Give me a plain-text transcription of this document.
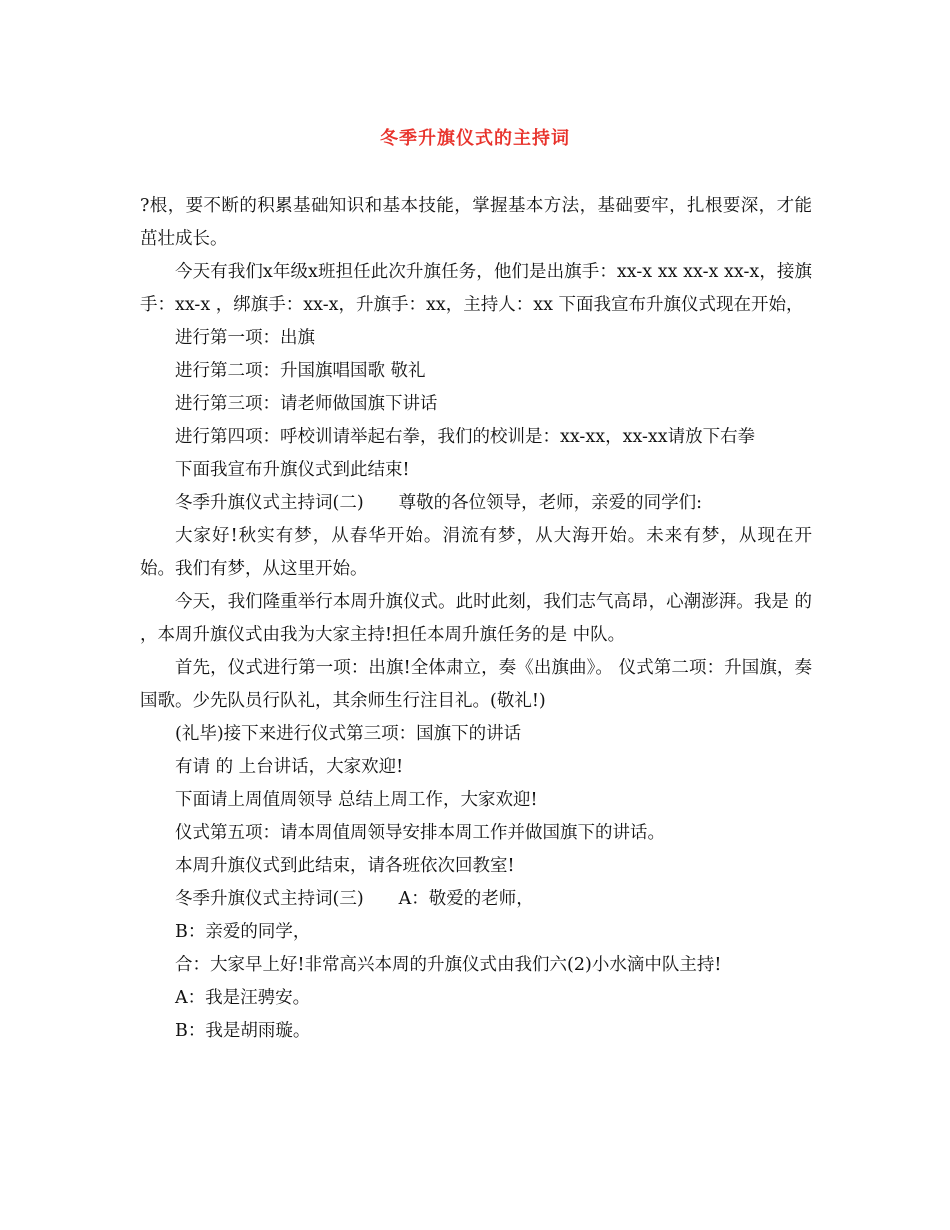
冬季升旗仪式的主持词

?根，要不断的积累基础知识和基本技能，掌握基本方法，基础要牢，扎根要深，才能茁壮成长。

今天有我们x年级x班担任此次升旗任务，他们是出旗手：xx-x xx xx-x xx-x，接旗手：xx-x ，绑旗手：xx-x，升旗手：xx，主持人：xx 下面我宣布升旗仪式现在开始，

进行第一项：出旗

进行第二项：升国旗唱国歌 敬礼

进行第三项：请老师做国旗下讲话

进行第四项：呼校训请举起右拳，我们的校训是：xx-xx，xx-xx请放下右拳

下面我宣布升旗仪式到此结束!

冬季升旗仪式主持词(二)　　尊敬的各位领导，老师，亲爱的同学们:

大家好!秋实有梦，从春华开始。涓流有梦，从大海开始。未来有梦，从现在开始。我们有梦，从这里开始。

今天，我们隆重举行本周升旗仪式。此时此刻，我们志气高昂，心潮澎湃。我是 的 ，本周升旗仪式由我为大家主持!担任本周升旗任务的是 中队。

首先，仪式进行第一项：出旗!全体肃立，奏《出旗曲》。 仪式第二项：升国旗，奏国歌。少先队员行队礼，其余师生行注目礼。(敬礼!)

(礼毕)接下来进行仪式第三项：国旗下的讲话

有请 的 上台讲话，大家欢迎!

下面请上周值周领导 总结上周工作，大家欢迎!

仪式第五项：请本周值周领导安排本周工作并做国旗下的讲话。

本周升旗仪式到此结束，请各班依次回教室!

冬季升旗仪式主持词(三)　　A：敬爱的老师，

B：亲爱的同学，

合：大家早上好!非常高兴本周的升旗仪式由我们六(2)小水滴中队主持!

A：我是汪骋安。

B：我是胡雨璇。
